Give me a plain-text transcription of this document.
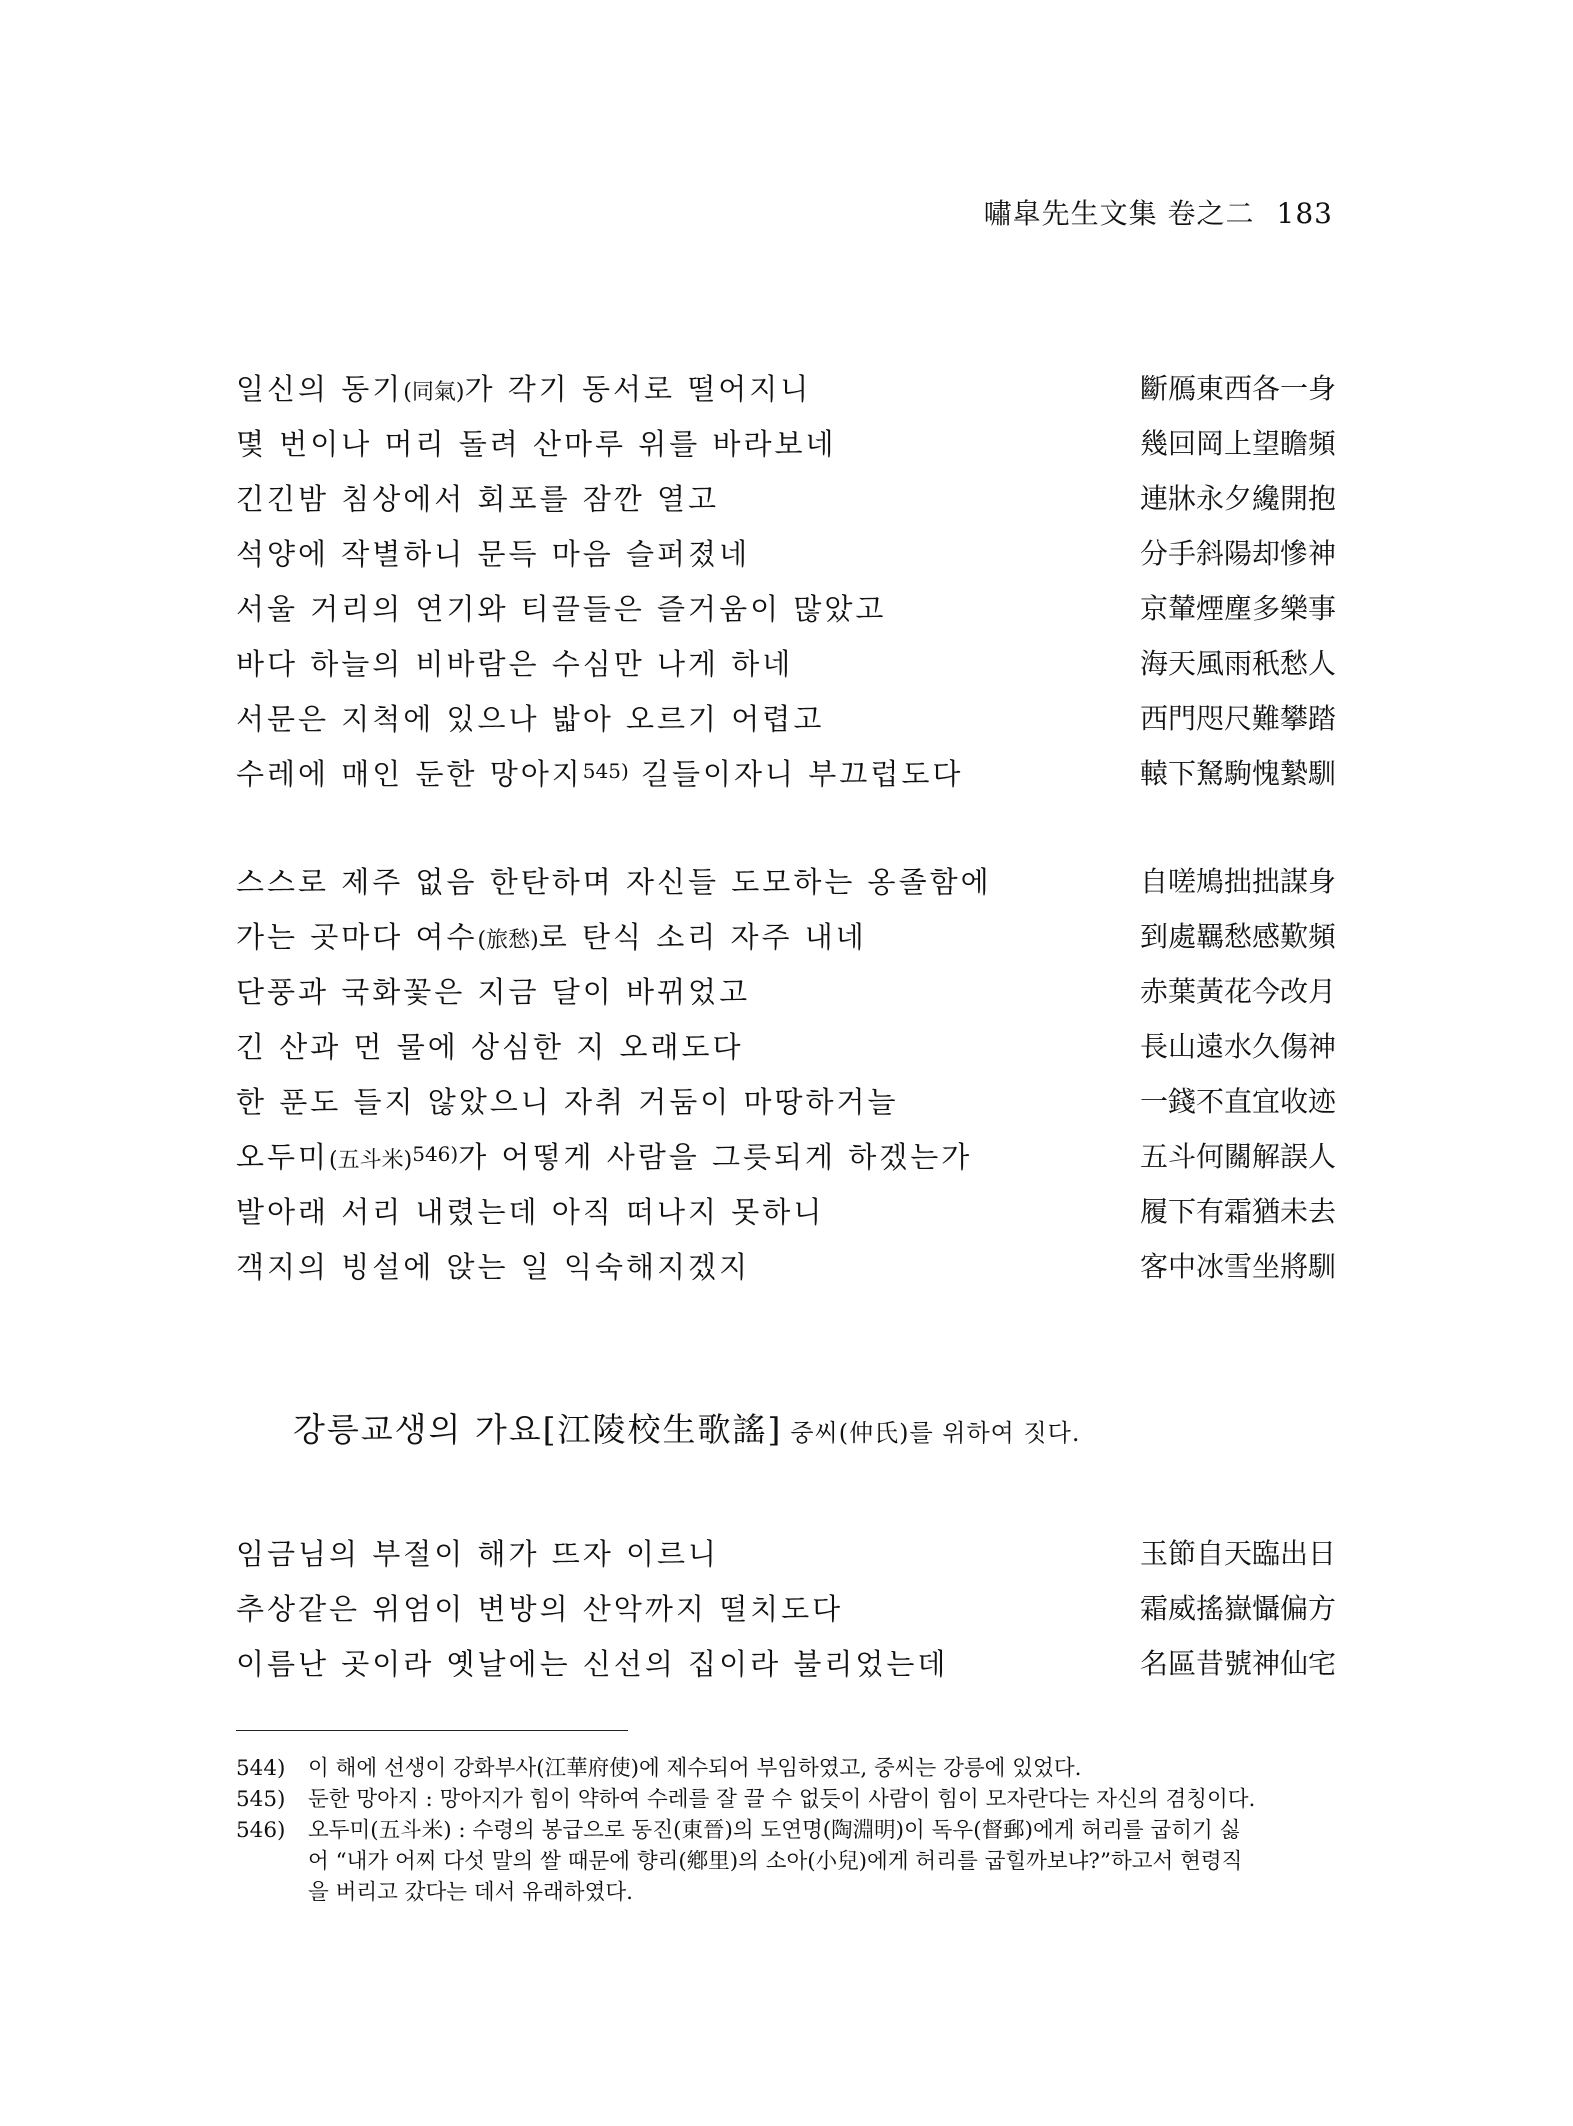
嘯皐先生文集 卷之二 183
일신의 동기(同氣)가 각기 동서로 떨어지니	斷鴈東西各一身
몇 번이나 머리 돌려 산마루 위를 바라보네	幾回岡上望瞻頻
긴긴밤 침상에서 회포를 잠깐 열고	連牀永夕纔開抱
석양에 작별하니 문득 마음 슬퍼졌네	分手斜陽却慘神
서울 거리의 연기와 티끌들은 즐거움이 많았고	京輦煙塵多樂事
바다 하늘의 비바람은 수심만 나게 하네	海天風雨秖愁人
서문은 지척에 있으나 밟아 오르기 어렵고	西門咫尺難攀踏
수레에 매인 둔한 망아지$^{545)}$ 길들이자니 부끄럽도다	轅下駑駒愧縶馴
스스로 제주 없음 한탄하며 자신들 도모하는 옹졸함에	自嗟鳩拙拙謀身
가는 곳마다 여수(旅愁)로 탄식 소리 자주 내네	到處羈愁感歎頻
단풍과 국화꽃은 지금 달이 바뀌었고	赤葉黃花今改月
긴 산과 먼 물에 상심한 지 오래도다	長山遠水久傷神
한 푼도 들지 않았으니 자취 거둠이 마땅하거늘	一錢不直宜收迹
오두미(五斗米)$^{546)}$가 어떻게 사람을 그릇되게 하겠는가	五斗何關解誤人
발아래 서리 내렸는데 아직 떠나지 못하니	履下有霜猶未去
객지의 빙설에 앉는 일 익숙해지겠지	客中冰雪坐將馴
강릉교생의 가요[江陵校生歌謠] 중씨(仲氏)를 위하여 짓다.
임금님의 부절이 해가 뜨자 이르니	玉節自天臨出日
추상같은 위엄이 변방의 산악까지 떨치도다	霜威搖嶽懾偏方
이름난 곳이라 옛날에는 신선의 집이라 불리었는데	名區昔號神仙宅
544) 이 해에 선생이 강화부사(江華府使)에 제수되어 부임하였고, 중씨는 강릉에 있었다.
545) 둔한 망아지 : 망아지가 힘이 약하여 수레를 잘 끌 수 없듯이 사람이 힘이 모자란다는 자신의 겸칭이다.
546) 오두미(五斗米) : 수령의 봉급으로 동진(東晉)의 도연명(陶淵明)이 독우(督郵)에게 허리를 굽히기 싫
어 “내가 어찌 다섯 말의 쌀 때문에 향리(鄕里)의 소아(小兒)에게 허리를 굽힐까보냐?”하고서 현령직
을 버리고 갔다는 데서 유래하였다.
